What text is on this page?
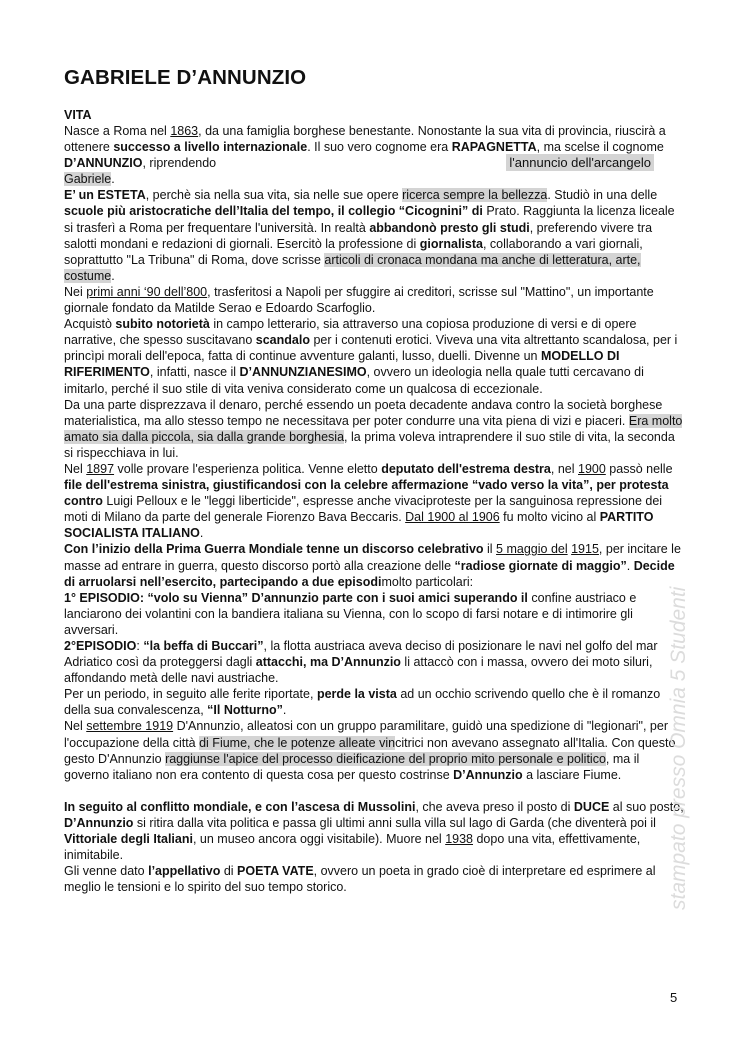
GABRIELE D’ANNUNZIO

VITA

Nasce a Roma nel 1863, da una famiglia borghese benestante. Nonostante la sua vita di provincia, riuscirà a ottenere successo a livello internazionale. Il suo vero cognome era RAPAGNETTA, ma scelse il cognome

D’ANNUNZIO, riprendendo	l'annuncio dell'arcangelo

Gabriele.

E’ un ESTETA, perchè sia nella sua vita, sia nelle sue opere ricerca sempre la bellezza. Studiò in una delle scuole più aristocratiche dell’Italia del tempo, il collegio “Cicognini” di Prato. Raggiunta la licenza liceale si trasferì a Roma per frequentare l'università. In realtà abbandonò presto gli studi, preferendo vivere tra salotti mondani e redazioni di giornali. Esercitò la professione di giornalista, collaborando a vari giornali, soprattutto "La Tribuna" di Roma, dove scrisse articoli di cronaca mondana ma anche di letteratura, arte, costume.

Nei primi anni ‘90 dell’800, trasferitosi a Napoli per sfuggire ai creditori, scrisse sul "Mattino", un importante giornale fondato da Matilde Serao e Edoardo Scarfoglio.

Acquistò subito notorietà in campo letterario, sia attraverso una copiosa produzione di versi e di opere narrative, che spesso suscitavano scandalo per i contenuti erotici. Viveva una vita altrettanto scandalosa, per i princìpi morali dell'epoca, fatta di continue avventure galanti, lusso, duelli. Divenne un MODELLO DI RIFERIMENTO, infatti, nasce il D’ANNUNZIANESIMO, ovvero un ideologia nella quale tutti cercavano di imitarlo, perché il suo stile di vita veniva considerato come un qualcosa di eccezionale.

Da una parte disprezzava il denaro, perché essendo un poeta decadente andava contro la società borghese materialistica, ma allo stesso tempo ne necessitava per poter condurre una vita piena di vizi e piaceri. Era molto amato sia dalla piccola, sia dalla grande borghesia, la prima voleva intraprendere il suo stile di vita, la seconda si rispecchiava in lui.

Nel 1897 volle provare l'esperienza politica. Venne eletto deputato dell'estrema destra, nel 1900 passò nelle file dell'estrema sinistra, giustificandosi con la celebre affermazione “vado verso la vita”, per protesta contro Luigi Pelloux e le "leggi liberticide", espresse anche vivaciproteste per la sanguinosa repressione dei moti di Milano da parte del generale Fiorenzo Bava Beccaris. Dal 1900 al 1906 fu molto vicino al PARTITO SOCIALISTA ITALIANO.

Con l’inizio della Prima Guerra Mondiale tenne un discorso celebrativo il 5 maggio del 1915, per incitare le masse ad entrare in guerra, questo discorso portò alla creazione delle “radiose giornate di maggio”. Decide di arruolarsi nell’esercito, partecipando a due episodimolto particolari:

1° EPISODIO: “volo su Vienna” D’annunzio parte con i suoi amici superando il confine austriaco e lanciarono dei volantini con la bandiera italiana su Vienna, con lo scopo di farsi notare e di intimorire gli avversari.

2°EPISODIO: “la beffa di Buccari”, la flotta austriaca aveva deciso di posizionare le navi nel golfo del mar Adriatico così da proteggersi dagli attacchi, ma D’Annunzio li attaccò con i massa, ovvero dei moto siluri, affondando metà delle navi austriache.

Per un periodo, in seguito alle ferite riportate, perde la vista ad un occhio scrivendo quello che è il romanzo della sua convalescenza, “Il Notturno”.

Nel settembre 1919 D'Annunzio, alleatosi con un gruppo paramilitare, guidò una spedizione di "legionari", per l'occupazione della città di Fiume, che le potenze alleate vincitrici non avevano assegnato all'Italia. Con questo gesto D'Annunzio raggiunse l'apice del processo dieificazione del proprio mito personale e politico, ma il governo italiano non era contento di questa cosa per questo costrinse D’Annunzio a lasciare Fiume.

In seguito al conflitto mondiale, e con l’ascesa di Mussolini, che aveva preso il posto di DUCE al suo posto, D’Annunzio si ritira dalla vita politica e passa gli ultimi anni sulla villa sul lago di Garda (che diventerà poi il Vittoriale degli Italiani, un museo ancora oggi visitabile). Muore nel 1938 dopo una vita, effettivamente, inimitabile.

Gli venne dato l’appellativo di POETA VATE, ovvero un poeta in grado cioè di interpretare ed esprimere al meglio le tensioni e lo spirito del suo tempo storico.	stampato presso Omnia 5 Studenti
5
